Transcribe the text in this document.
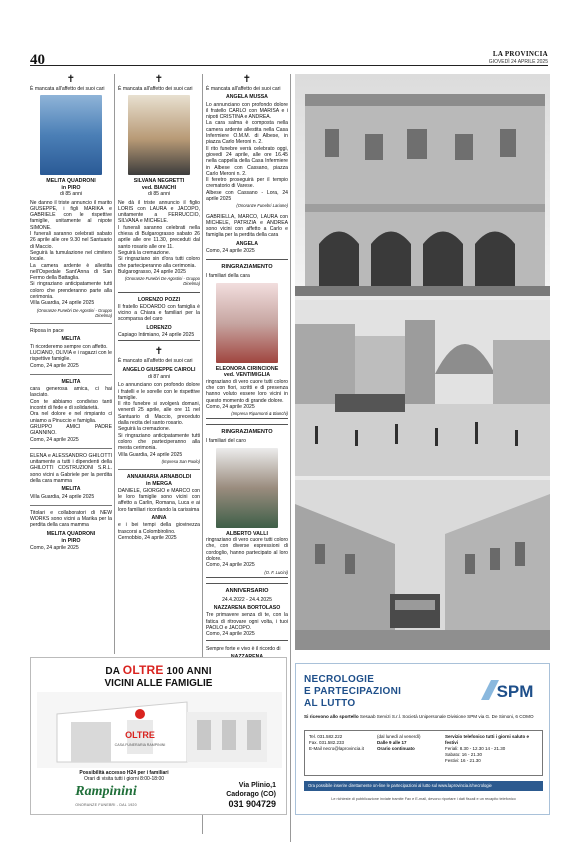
40	LA PROVINCIA
GIOVEDÌ 24 APRILE 2025
✝
È mancata all'affetto dei suoi cari
MELITA QUADRONI
in PIRO
di 85 anni
Ne danno il triste annuncio il marito GIUSEPPE, i figli MARIKA e GABRIELE con le rispettive famiglie, unitamente al nipote SIMONE.
I funerali saranno celebrati sabato 26 aprile alle ore 9.30 nel Santuario di Maccio.
Seguirà la tumulazione nel cimitero locale.
La camera ardente è allestita nell'Ospedale Sant'Anna di San Fermo della Battaglia.
Si ringraziano anticipatamente tutti coloro che prenderanno parte alla cerimonia.
Villa Guardia, 24 aprile 2025
(Onoranze Funebri De Agostini - Gruppo Dinelma)
Riposa in pace
MELITA
Ti ricorderemo sempre con affetto.
LUCIANO, OLIVIA e i ragazzi con le rispettive famiglie.
Como, 24 aprile 2025
MELITA
cara generosa amica, ci hai lasciato.
Con te abbiamo condiviso tanti incontri di fede e di solidarietà.
Ora nel dolore e nel rimpianto ci uniamo a Pinuccio e famiglia.
GRUPPO AMICI PADRE GIANNINO.
Como, 24 aprile 2025
ELENA e ALESSANDRO GHILOTTI unitamente a tutti i dipendenti della GHILOTTI COSTRUZIONI S.R.L. sono vicini a Gabriele per la perdita della cara mamma
MELITA
Villa Guardia, 24 aprile 2025
Titolari e collaboratori di NEW WORKS sono vicini a Marika per la perdita della cara mamma
MELITA QUADRONI
in PIRO
Como, 24 aprile 2025
✝
È mancata all'affetto dei suoi cari
SILVANA NEGRETTI
ved. BIANCHI
di 85 anni
Ne dà il triste annuncio il figlio LORIS con LAURA e JACOPO, unitamente a FERRUCCIO, SILVANA e MICHELE.
I funerali saranno celebrati nella chiesa di Bulgarograsso sabato 26 aprile alle ore 11.30, preceduti dal santo rosario alle ore 11.
Seguirà la cremazione.
Si ringraziano sin d'ora tutti coloro che parteciperanno alla cerimonia.
Bulgarograsso, 24 aprile 2025
(Onoranze Funebri De Agostini - Gruppo Dinelma)
LORENZO POZZI
Il fratello EDOARDO con famiglia è vicino a Chiara e familiari per la scomparsa del caro
LORENZO
Capiago Intimiano, 24 aprile 2025
✝
È mancato all'affetto dei suoi cari
ANGELO GIUSEPPE CAIROLI
di 87 anni
Lo annunciano con profondo dolore i fratelli e le sorelle con le rispettive famiglie.
Il rito funebre si svolgerà domani, venerdì 25 aprile, alle ore 11 nel Santuario di Maccio, preceduto dalla recita del santo rosario.
Seguirà la cremazione.
Si ringraziano anticipatamente tutti coloro che parteciperanno alla mesta cerimonia.
Villa Guardia, 24 aprile 2025
(Impresa San Paolo)
ANNAMARIA ARNABOLDI
in MERGA
DANIELE, GIORGIO e MARCO con le loro famiglie sono vicini con affetto a Carlin, Romana, Luca e ai loro familiari ricordando la carissima
ANNA
e i bei tempi della giovinezza trascorsi a Colombirolino.
Cernobbio, 24 aprile 2025
✝
È mancata all'affetto dei suoi cari
ANGELA MUSSA
Lo annunciano con profondo dolore il fratello CARLO con MARISA e i nipoti CRISTINA e ANDREA.
La cara salma è composta nella camera ardente allestita nella Casa Infermiere O.M.M. di Albese, in piazza Carlo Meroni n. 2.
Il rito funebre verrà celebrato oggi, giovedì 24 aprile, alle ore 16.45 nella cappella della Casa Infermiere in Albese con Cassano, piazza Carlo Meroni n. 2.
Il feretro proseguirà per il tempio crematorio di Varese.
Albese con Cassano - Lora, 24 aprile 2025
(Onoranze Funebri Lariane)
GABRIELLA, MARCO, LAURA con MICHELE, PATRIZIA e ANDREA sono vicini con affetto a Carlo e famiglia per la perdita della cara
ANGELA
Como, 24 aprile 2025
RINGRAZIAMENTO
I familiari della cara
ELEONORA CIRINCIONE
ved. VENTIMIGLIA
ringraziano di vero cuore tutti coloro che con fiori, scritti e di presenza hanno voluto essere loro vicini in questo momento di grande dolore.
Como, 24 aprile 2025
(Impresa Ripamonti & Bianchi)
RINGRAZIAMENTO
I familiari del caro
ALBERTO VALLI
ringraziano di vero cuore tutti coloro che, con diverse espressioni di cordoglio, hanno partecipato al loro dolore.
Como, 24 aprile 2025
(O. F. Lucini)
ANNIVERSARIO
24.4.2022 - 24.4.2025
NAZZARENA BORTOLASO
Tre primavere senza di te, con la fatica di ritrovare ogni volta, i tuoi PAOLO e JACOPO.
Como, 24 aprile 2025
Sempre forte e vivo è il ricordo di
DA OLTRE 100 ANNI
VICINI ALLE FAMIGLIE
OLTRE
CASA FUNERARIA RAMPININI
Possibilità accesso H24 per i familiari
Orari di visita tutti i giorni 8:00-18:00
Rampinini
ONORANZE FUNEBRI - DAL 1920
Via Plinio,1
Cadorago (CO)
031 904729
NECROLOGIE
E PARTECIPAZIONI
AL LUTTO
SPM
Si ricevono allo sportello Sesaab Servizi S.r.l. Società Unipersonale Divisione SPM via G. De Simoni, 6 COMO
Tel. 031.582.222
Fax. 031.582.233
E-Mail necro@laprovincia.it
(dal lunedì al venerdì)
Dalle 9 alle 17
Orario continuato
Servizio telefonico tutti i giorni saluto e festivi
Feriali: 8.30 - 12.30 14 - 21.30
Sabato: 16 - 21.30
Festivi: 16 - 21.30
Ora possibile inserire direttamente on-line le partecipazioni al lutto sul www.laprovincia.it/necrologie
Le richieste di pubblicazione inviate tramite Fax e E-mail, devono riportare i dati fiscali e un recapito telefonico
